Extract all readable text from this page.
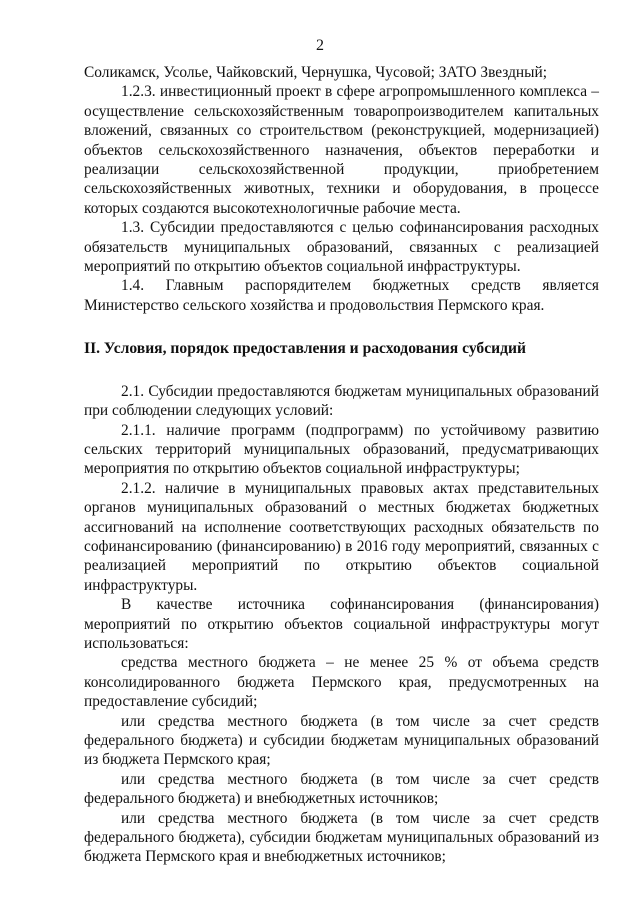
2

Соликамск, Усолье, Чайковский, Чернушка, Чусовой; ЗАТО Звездный;

1.2.3. инвестиционный проект в сфере агропромышленного комплекса – осуществление сельскохозяйственным товаропроизводителем капитальных вложений, связанных со строительством (реконструкцией, модернизацией) объектов сельскохозяйственного назначения, объектов переработки и реализации сельскохозяйственной продукции, приобретением сельскохозяйственных животных, техники и оборудования, в процессе которых создаются высокотехнологичные рабочие места.

1.3. Субсидии предоставляются с целью софинансирования расходных обязательств муниципальных образований, связанных с реализацией мероприятий по открытию объектов социальной инфраструктуры.

1.4. Главным распорядителем бюджетных средств является Министерство сельского хозяйства и продовольствия Пермского края.

II. Условия, порядок предоставления и расходования субсидий

2.1. Субсидии предоставляются бюджетам муниципальных образований при соблюдении следующих условий:

2.1.1. наличие программ (подпрограмм) по устойчивому развитию сельских территорий муниципальных образований, предусматривающих мероприятия по открытию объектов социальной инфраструктуры;

2.1.2. наличие в муниципальных правовых актах представительных органов муниципальных образований о местных бюджетах бюджетных ассигнований на исполнение соответствующих расходных обязательств по софинансированию (финансированию) в 2016 году мероприятий, связанных с реализацией мероприятий по открытию объектов социальной инфраструктуры.

В качестве источника софинансирования (финансирования) мероприятий по открытию объектов социальной инфраструктуры могут использоваться:

средства местного бюджета – не менее 25 % от объема средств консолидированного бюджета Пермского края, предусмотренных на предоставление субсидий;

или средства местного бюджета (в том числе за счет средств федерального бюджета) и субсидии бюджетам муниципальных образований из бюджета Пермского края;

или средства местного бюджета (в том числе за счет средств федерального бюджета) и внебюджетных источников;

или средства местного бюджета (в том числе за счет средств федерального бюджета), субсидии бюджетам муниципальных образований из бюджета Пермского края и внебюджетных источников;
